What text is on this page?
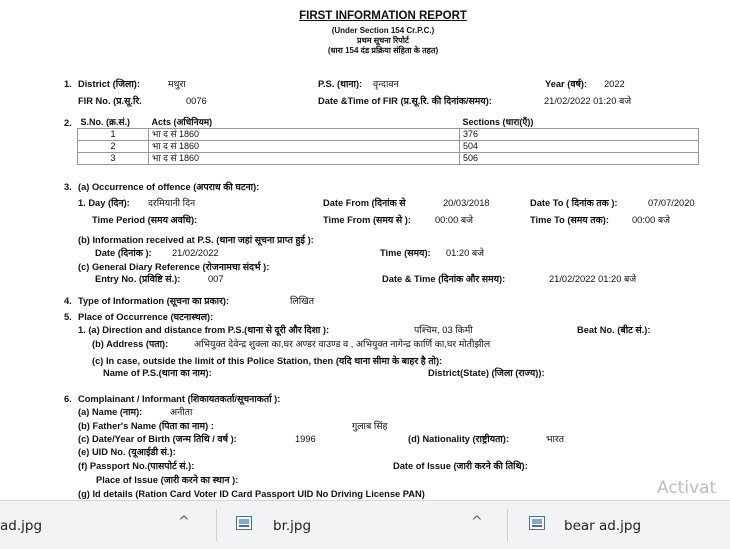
FIRST INFORMATION REPORT
(Under Section 154 Cr.P.C.)
प्रथम सूचना रिपोर्ट
(धारा 154 दंड प्रक्रिया संहिता के तहत)
1. District (जिला):	मथुरा	P.S. (थाना): वृन्दावन	Year (वर्ष): 2022
FIR No. (प्र.सू.रि.	0076	Date &Time of FIR (प्र.सू.रि. की दिनांक/समय):	21/02/2022 01:20 बजे
2. S.No. (क्र.सं.)	Acts (अधिनियम)	Sections (धारा(एँ))
1	भा द सं 1860	376
2	भा द सं 1860	504
3	भा द सं 1860	506
3. (a) Occurrence of offence (अपराध की घटना):
1. Day (दिन): दरमियानी दिन	Date From (दिनांक से	20/03/2018	Date To ( दिनांक तक ):	07/07/2020
Time Period (समय अवधि):	Time From (समय से ):	00:00 बजे	Time To (समय तक): 00:00 बजे
(b) Information received at P.S. (थाना जहां सूचना प्राप्त हुई ):
Date (दिनांक ): 21/02/2022	Time (समय): 01:20 बजे
(c) General Diary Reference (रोजनामचा संदर्भ ):
Entry No. (प्रविष्टि सं.):	007	Date & Time (दिनांक और समय):	21/02/2022 01:20 बजे
4. Type of Information (सूचना का प्रकार):	लिखित
5. Place of Occurrence (घटनास्थल):
1. (a) Direction and distance from P.S.(थाना से दूरी और दिशा ):	पश्चिम, 03 किमी	Beat No. (बीट सं.):
(b) Address (पता):	अभियुक्त देवेन्द्र शुक्ला का,घर अण्डर वाउण्ड व , अभियुक्त नागेन्द्र कार्णि का,घर मोतीझील
(c) In case, outside the limit of this Police Station, then (यदि थाना सीमा के बाहर है तो):
Name of P.S.(थाना का नाम):	District(State) (जिला (राज्य)):
6. Complainant / Informant (शिकायतकर्ता/सूचनाकर्ता ):
(a) Name (नाम):	अनीता
(b) Father's Name (पिता का नाम) :	गुलाब सिंह
(c) Date/Year of Birth (जन्म तिथि / वर्ष ):	1996	(d) Nationality (राष्ट्रीयता):	भारत
(e) UID No. (यूआईडी सं.):
(f) Passport No.(पासपोर्ट सं.):	Date of Issue (जारी करने की तिथि):
Place of Issue (जारी करने का स्थान ):
(g) Id details (Ration Card Voter ID Card Passport UID No Driving License PAN)	Activat
ad.jpg	^	br.jpg	^	bear ad.jpg
